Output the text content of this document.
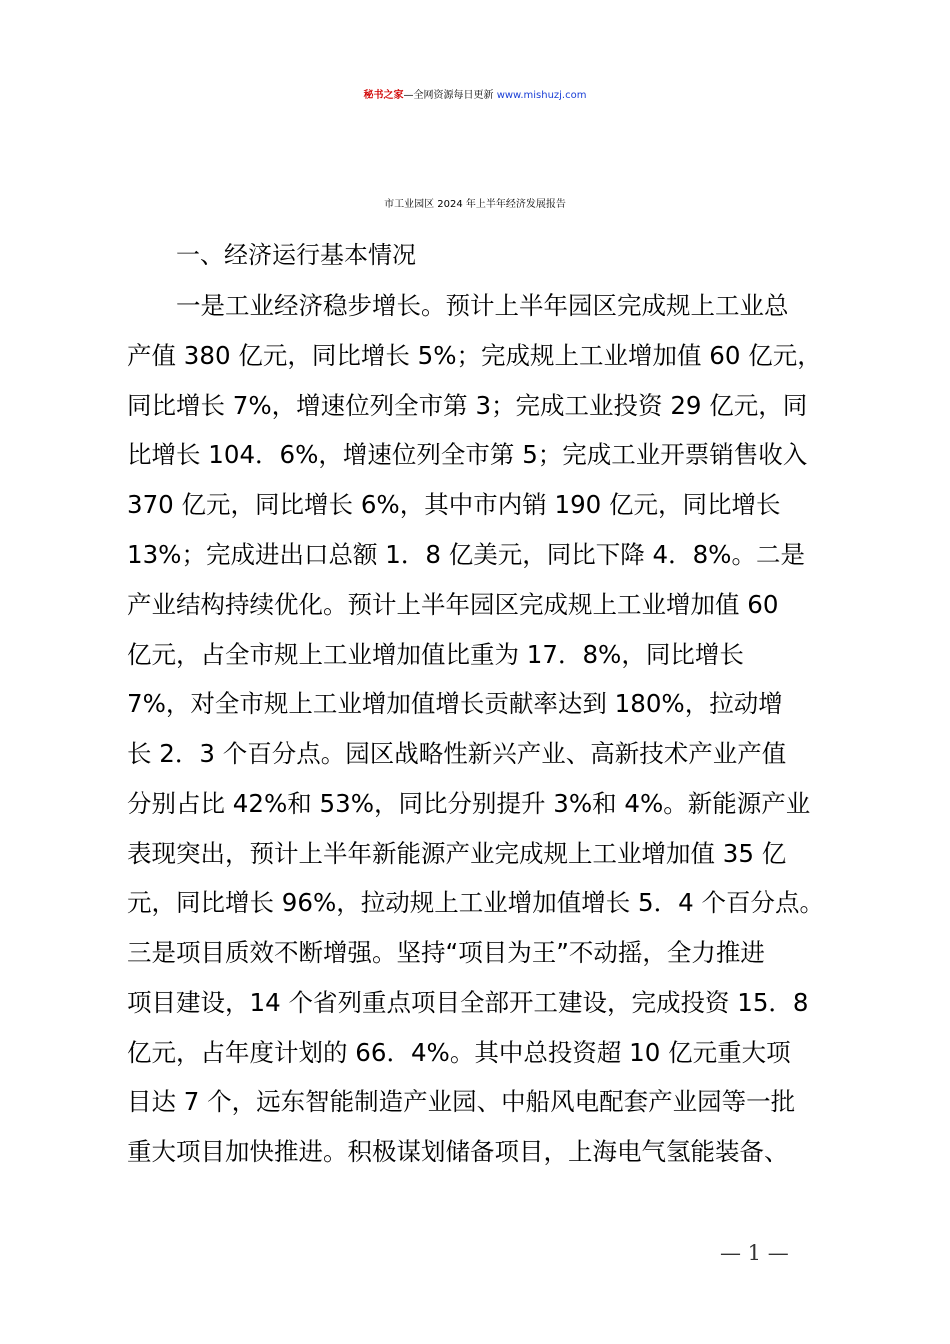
秘书之家—全网资源每日更新 www.mishuzj.com
市工业园区 2024 年上半年经济发展报告
一、经济运行基本情况
一是工业经济稳步增长。预计上半年园区完成规上工业总
产值 380 亿元，同比增长 5%；完成规上工业增加值 60 亿元，
同比增长 7%，增速位列全市第 3；完成工业投资 29 亿元，同
比增长 104．6%，增速位列全市第 5；完成工业开票销售收入
370 亿元，同比增长 6%，其中市内销 190 亿元，同比增长
13%；完成进出口总额 1．8 亿美元，同比下降 4．8%。二是
产业结构持续优化。预计上半年园区完成规上工业增加值 60
亿元，占全市规上工业增加值比重为 17．8%，同比增长
7%，对全市规上工业增加值增长贡献率达到 180%，拉动增
长 2．3 个百分点。园区战略性新兴产业、高新技术产业产值
分别占比 42%和 53%，同比分别提升 3%和 4%。新能源产业
表现突出，预计上半年新能源产业完成规上工业增加值 35 亿
元，同比增长 96%，拉动规上工业增加值增长 5．4 个百分点。
三是项目质效不断增强。坚持“项目为王”不动摇，全力推进
项目建设，14 个省列重点项目全部开工建设，完成投资 15．8
亿元，占年度计划的 66．4%。其中总投资超 10 亿元重大项
目达 7 个，远东智能制造产业园、中船风电配套产业园等一批
重大项目加快推进。积极谋划储备项目，上海电气氢能装备、
— 1 —
